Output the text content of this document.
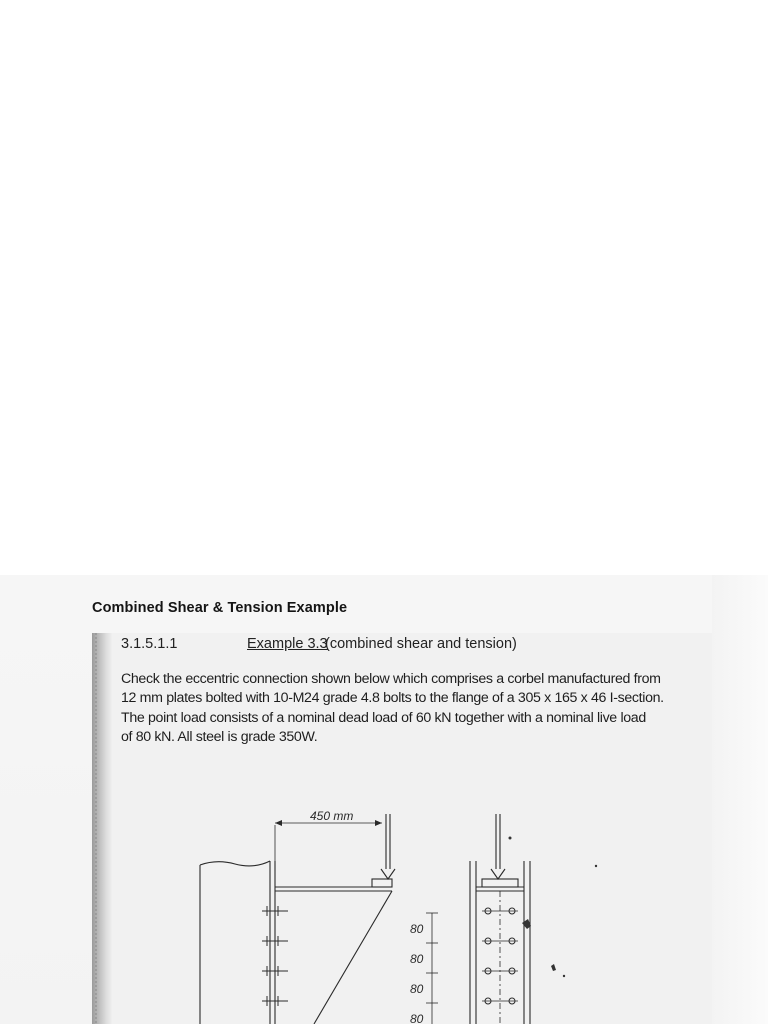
Combined Shear & Tension Example
3.1.5.1.1	Example 3.3
(combined shear and tension)
Check the eccentric connection shown below which comprises a corbel manufactured from
12 mm plates bolted with 10-M24 grade 4.8 bolts to the flange of a 305 x 165 x 46 I-section.
The point load consists of a nominal dead load of 60 kN together with a nominal live load
of 80 kN. All steel is grade 350W.
450 mm
80
80
80
80
